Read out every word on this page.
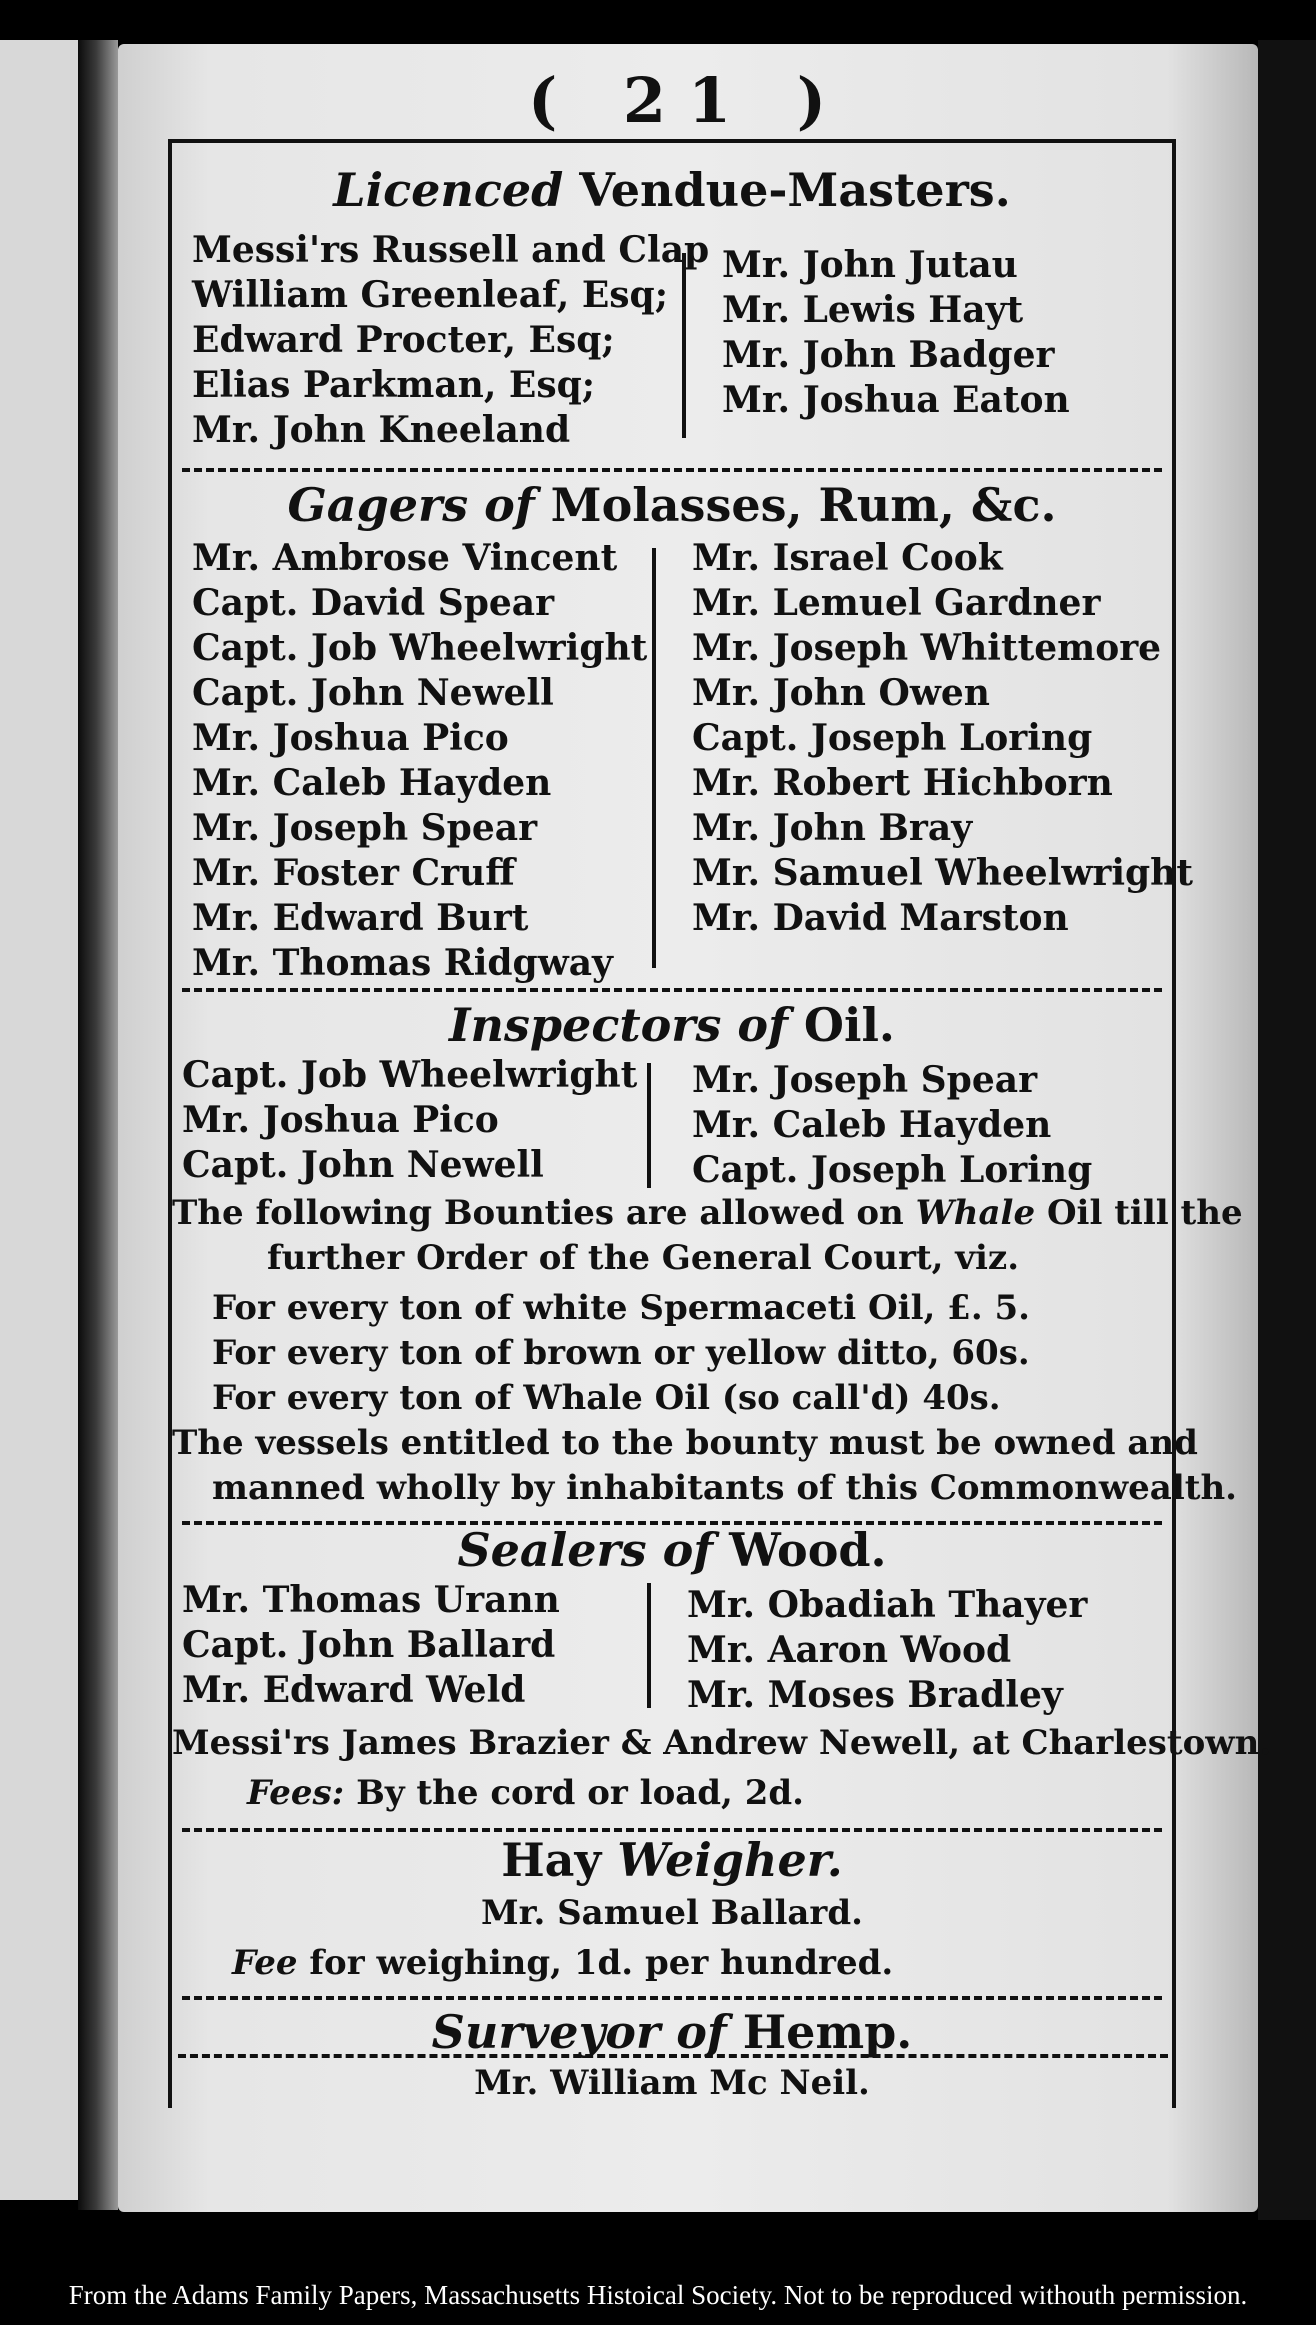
( 21 )
Licenced Vendue-Masters.
Messi'rs Russell and Clap
William Greenleaf, Esq;
Edward Procter, Esq;
Elias Parkman, Esq;
Mr. John Kneeland
Mr. John Jutau
Mr. Lewis Hayt
Mr. John Badger
Mr. Joshua Eaton
Gagers of Molasses, Rum, &c.
Mr. Ambrose Vincent
Capt. David Spear
Capt. Job Wheelwright
Capt. John Newell
Mr. Joshua Pico
Mr. Caleb Hayden
Mr. Joseph Spear
Mr. Foster Cruff
Mr. Edward Burt
Mr. Thomas Ridgway
Mr. Israel Cook
Mr. Lemuel Gardner
Mr. Joseph Whittemore
Mr. John Owen
Capt. Joseph Loring
Mr. Robert Hichborn
Mr. John Bray
Mr. Samuel Wheelwright
Mr. David Marston
Inspectors of Oil.
Capt. Job Wheelwright
Mr. Joshua Pico
Capt. John Newell
Mr. Joseph Spear
Mr. Caleb Hayden
Capt. Joseph Loring
The following Bounties are allowed on Whale Oil till the
further Order of the General Court, viz.
For every ton of white Spermaceti Oil, £. 5.
For every ton of brown or yellow ditto, 60s.
For every ton of Whale Oil (so call'd) 40s.
The vessels entitled to the bounty must be owned and
manned wholly by inhabitants of this Commonwealth.
Sealers of Wood.
Mr. Thomas Urann
Capt. John Ballard
Mr. Edward Weld
Mr. Obadiah Thayer
Mr. Aaron Wood
Mr. Moses Bradley
Messi'rs James Brazier & Andrew Newell, at Charlestown.
Fees: By the cord or load, 2d.
Hay Weigher.
Mr. Samuel Ballard.
Fee for weighing, 1d. per hundred.
Surveyor of Hemp.
Mr. William Mc Neil.
From the Adams Family Papers, Massachusetts Histoical Society. Not to be reproduced withouth permission.
